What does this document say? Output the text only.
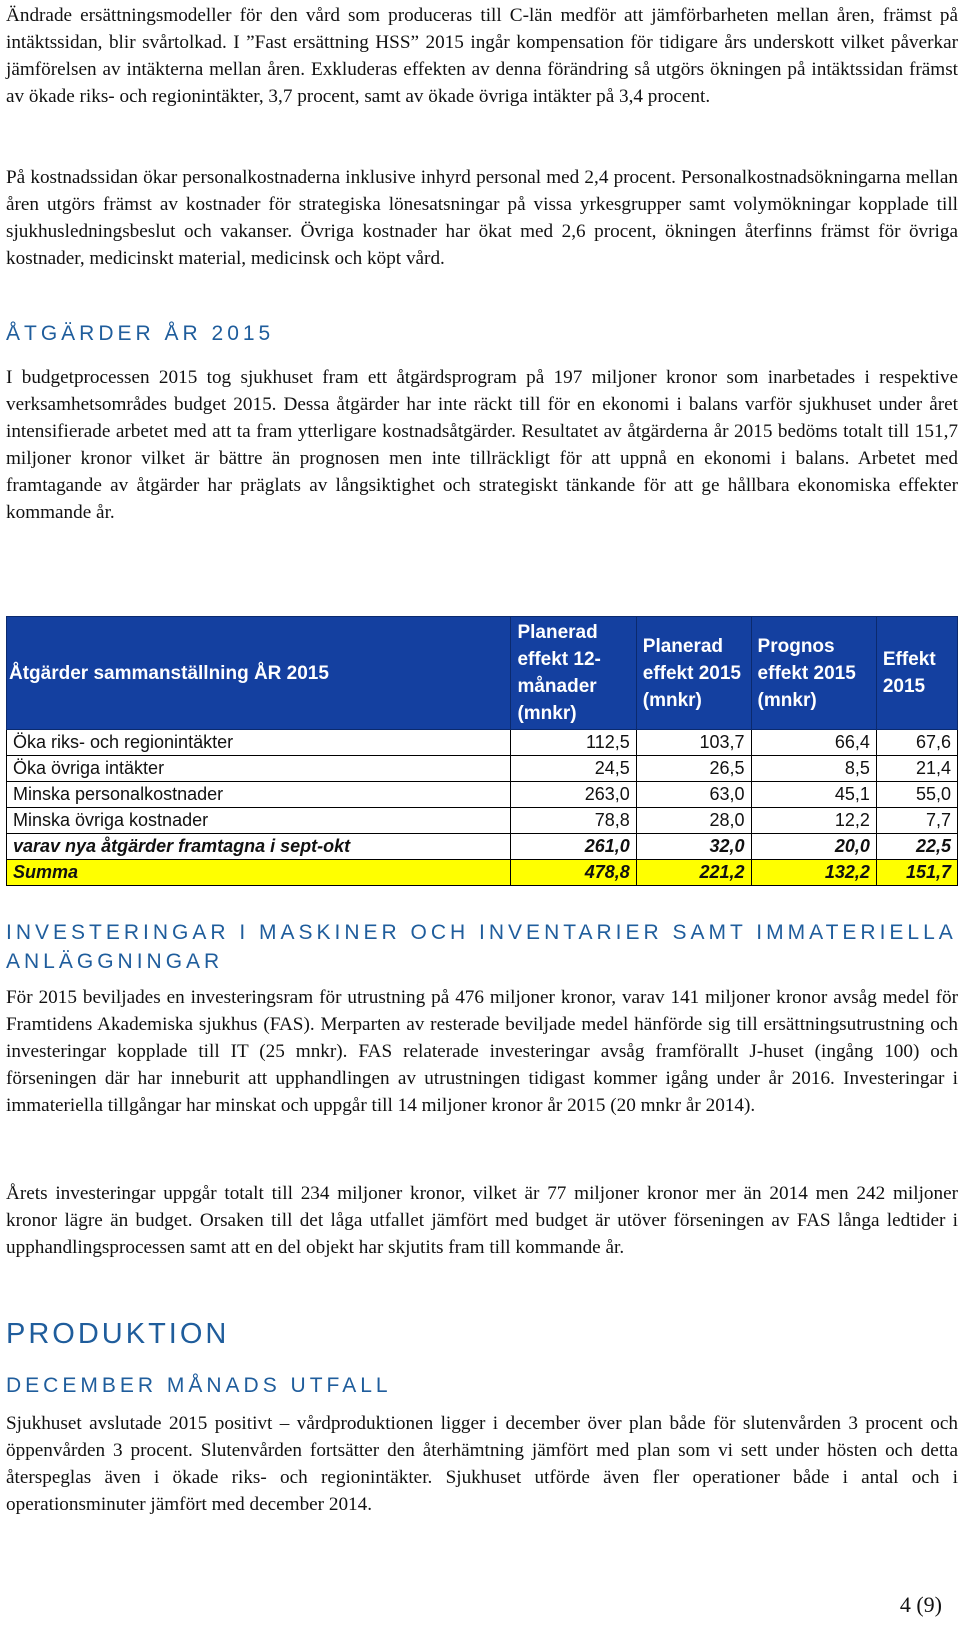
Ändrade ersättningsmodeller för den vård som produceras till C-län medför att jämförbarheten mellan åren, främst på intäktssidan, blir svårtolkad. I ”Fast ersättning HSS” 2015 ingår kompensation för tidigare års underskott vilket påverkar jämförelsen av intäkterna mellan åren. Exkluderas effekten av denna förändring så utgörs ökningen på intäktssidan främst av ökade riks- och regionintäkter, 3,7 procent, samt av ökade övriga intäkter på 3,4 procent.

På kostnadssidan ökar personalkostnaderna inklusive inhyrd personal med 2,4 procent. Personalkostnadsökningarna mellan åren utgörs främst av kostnader för strategiska lönesatsningar på vissa yrkesgrupper samt volymökningar kopplade till sjukhusledningsbeslut och vakanser. Övriga kostnader har ökat med 2,6 procent, ökningen återfinns främst för övriga kostnader, medicinskt material, medicinsk och köpt vård.

ÅTGÄRDER ÅR 2015

I budgetprocessen 2015 tog sjukhuset fram ett åtgärdsprogram på 197 miljoner kronor som inarbetades i respektive verksamhetsområdes budget 2015. Dessa åtgärder har inte räckt till för en ekonomi i balans varför sjukhuset under året intensifierade arbetet med att ta fram ytterligare kostnadsåtgärder. Resultatet av åtgärderna år 2015 bedöms totalt till 151,7 miljoner kronor vilket är bättre än prognosen men inte tillräckligt för att uppnå en ekonomi i balans. Arbetet med framtagande av åtgärder har präglats av långsiktighet och strategiskt tänkande för att ge hållbara ekonomiska effekter kommande år.

Åtgärder sammanställning ÅR 2015	Planerad effekt 12-månader (mnkr)	Planerad effekt 2015 (mnkr)	Prognos effekt 2015 (mnkr)	Effekt 2015
Öka riks- och regionintäkter	112,5	103,7	66,4	67,6
Öka övriga intäkter	24,5	26,5	8,5	21,4
Minska personalkostnader	263,0	63,0	45,1	55,0
Minska övriga kostnader	78,8	28,0	12,2	7,7
varav nya åtgärder framtagna i sept-okt	261,0	32,0	20,0	22,5
Summa	478,8	221,2	132,2	151,7
INVESTERINGAR I MASKINER OCH INVENTARIER SAMT IMMATERIELLA ANLÄGGNINGAR

För 2015 beviljades en investeringsram för utrustning på 476 miljoner kronor, varav 141 miljoner kronor avsåg medel för Framtidens Akademiska sjukhus (FAS). Merparten av resterade beviljade medel hänförde sig till ersättningsutrustning och investeringar kopplade till IT (25 mnkr). FAS relaterade investeringar avsåg framförallt J-huset (ingång 100) och förseningen där har inneburit att upphandlingen av utrustningen tidigast kommer igång under år 2016. Investeringar i immateriella tillgångar har minskat och uppgår till 14 miljoner kronor år 2015 (20 mnkr år 2014).

Årets investeringar uppgår totalt till 234 miljoner kronor, vilket är 77 miljoner kronor mer än 2014 men 242 miljoner kronor lägre än budget. Orsaken till det låga utfallet jämfört med budget är utöver förseningen av FAS långa ledtider i upphandlingsprocessen samt att en del objekt har skjutits fram till kommande år.

PRODUKTION
DECEMBER MÅNADS UTFALL

Sjukhuset avslutade 2015 positivt – vårdproduktionen ligger i december över plan både för slutenvården 3 procent och öppenvården 3 procent. Slutenvården fortsätter den återhämtning jämfört med plan som vi sett under hösten och detta återspeglas även i ökade riks- och regionintäkter. Sjukhuset utförde även fler operationer både i antal och i operationsminuter jämfört med december 2014.

4 (9)
